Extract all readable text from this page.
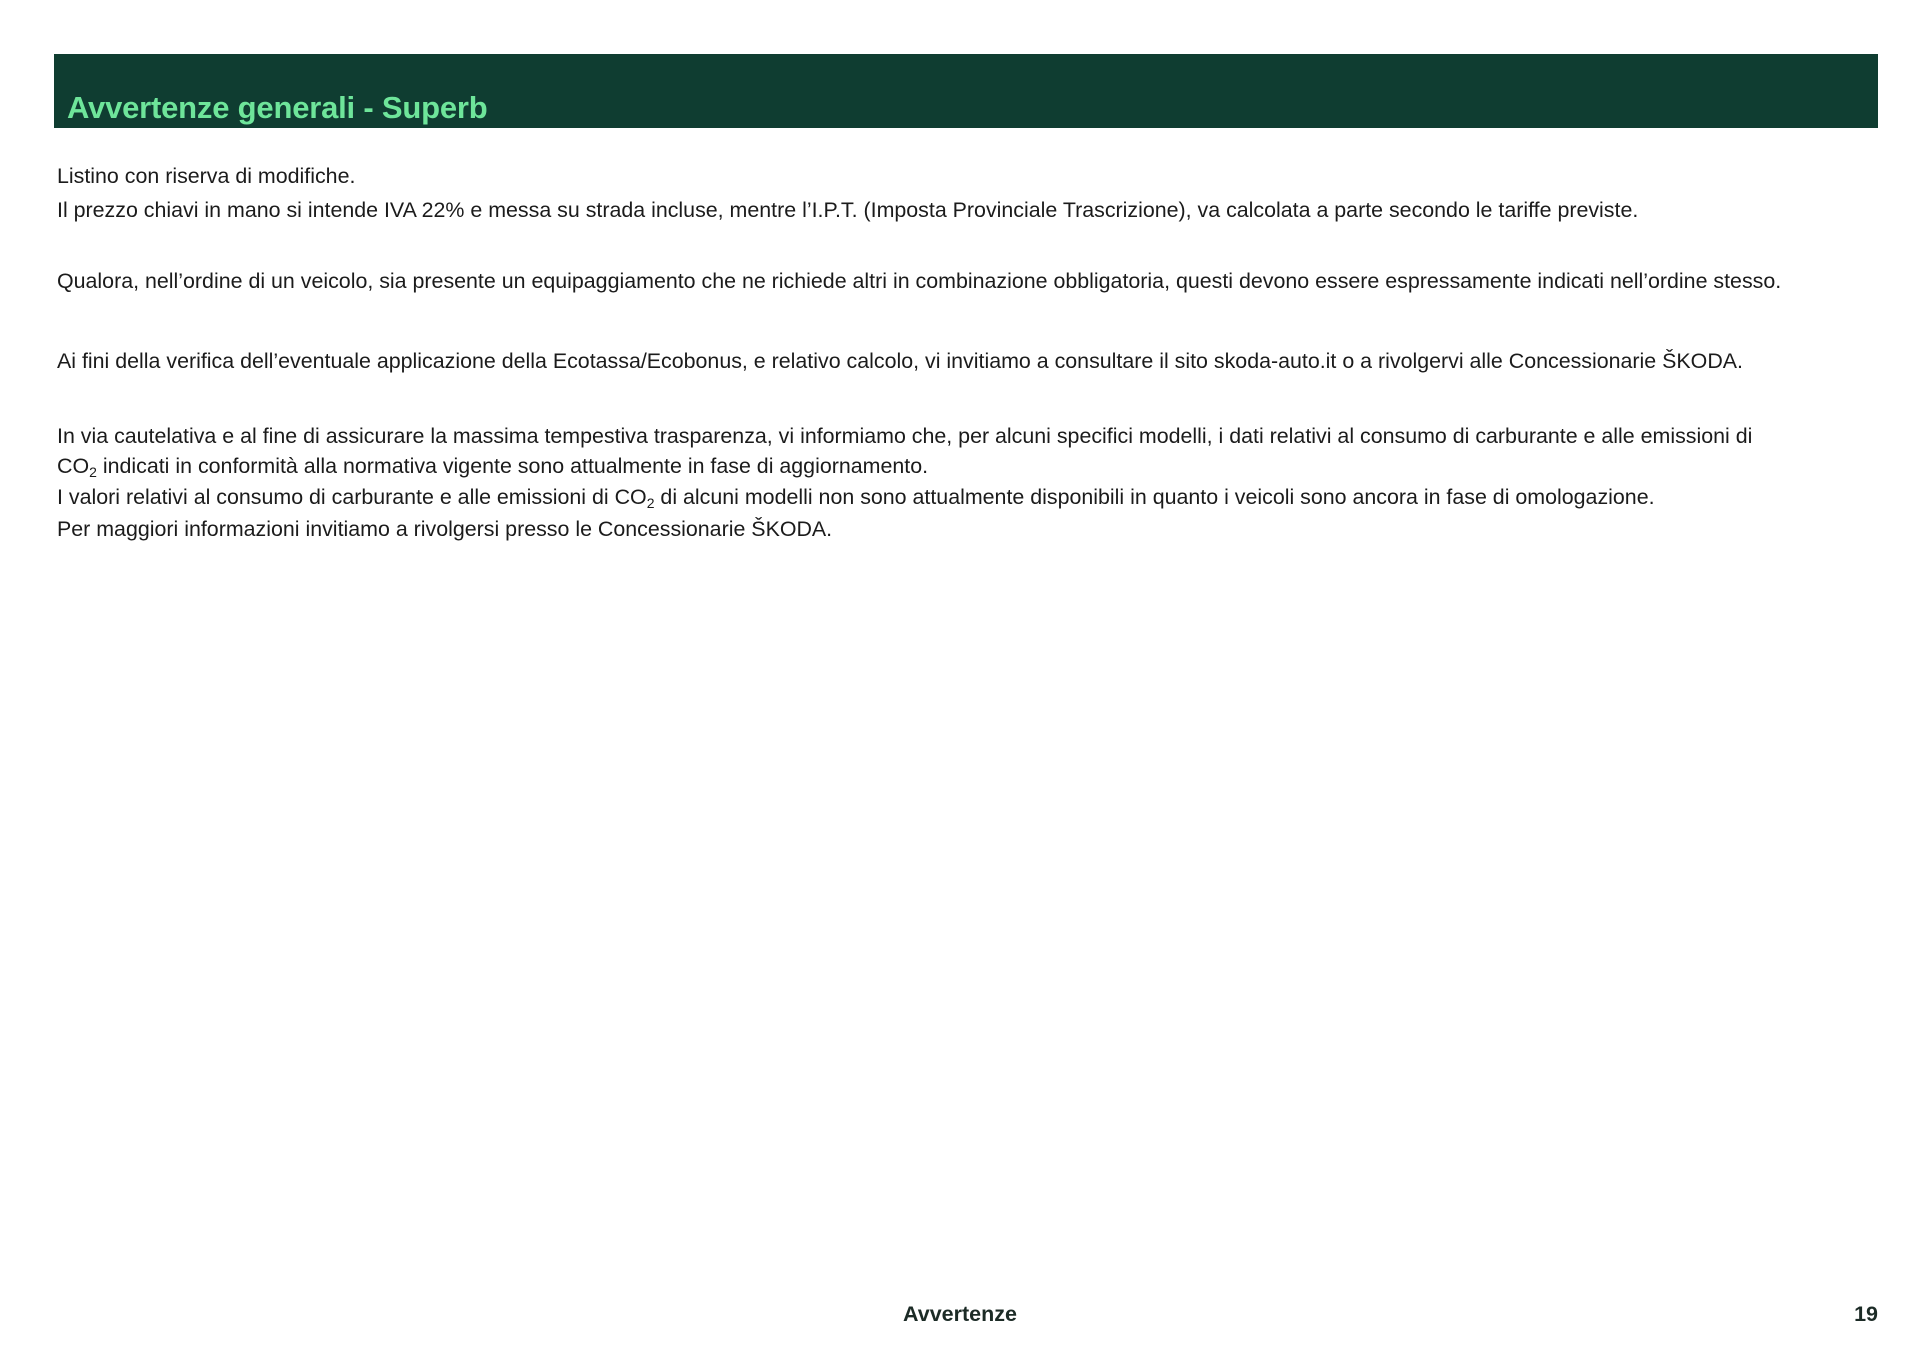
Avvertenze generali - Superb

Listino con riserva di modifiche.

Il prezzo chiavi in mano si intende IVA 22% e messa su strada incluse, mentre l’I.P.T. (Imposta Provinciale Trascrizione), va calcolata a parte secondo le tariffe previste.

Qualora, nell’ordine di un veicolo, sia presente un equipaggiamento che ne richiede altri in combinazione obbligatoria, questi devono essere espressamente indicati nell’ordine stesso.

Ai fini della verifica dell’eventuale applicazione della Ecotassa/Ecobonus, e relativo calcolo, vi invitiamo a consultare il sito skoda-auto.it o a rivolgervi alle Concessionarie ŠKODA.

In via cautelativa e al fine di assicurare la massima tempestiva trasparenza, vi informiamo che, per alcuni specifici modelli, i dati relativi al consumo di carburante e alle emissioni di

$CO_2$ indicati in conformità alla normativa vigente sono attualmente in fase di aggiornamento.

I valori relativi al consumo di carburante e alle emissioni di $CO_2$ di alcuni modelli non sono attualmente disponibili in quanto i veicoli sono ancora in fase di omologazione.

Per maggiori informazioni invitiamo a rivolgersi presso le Concessionarie ŠKODA.

Avvertenze	19
